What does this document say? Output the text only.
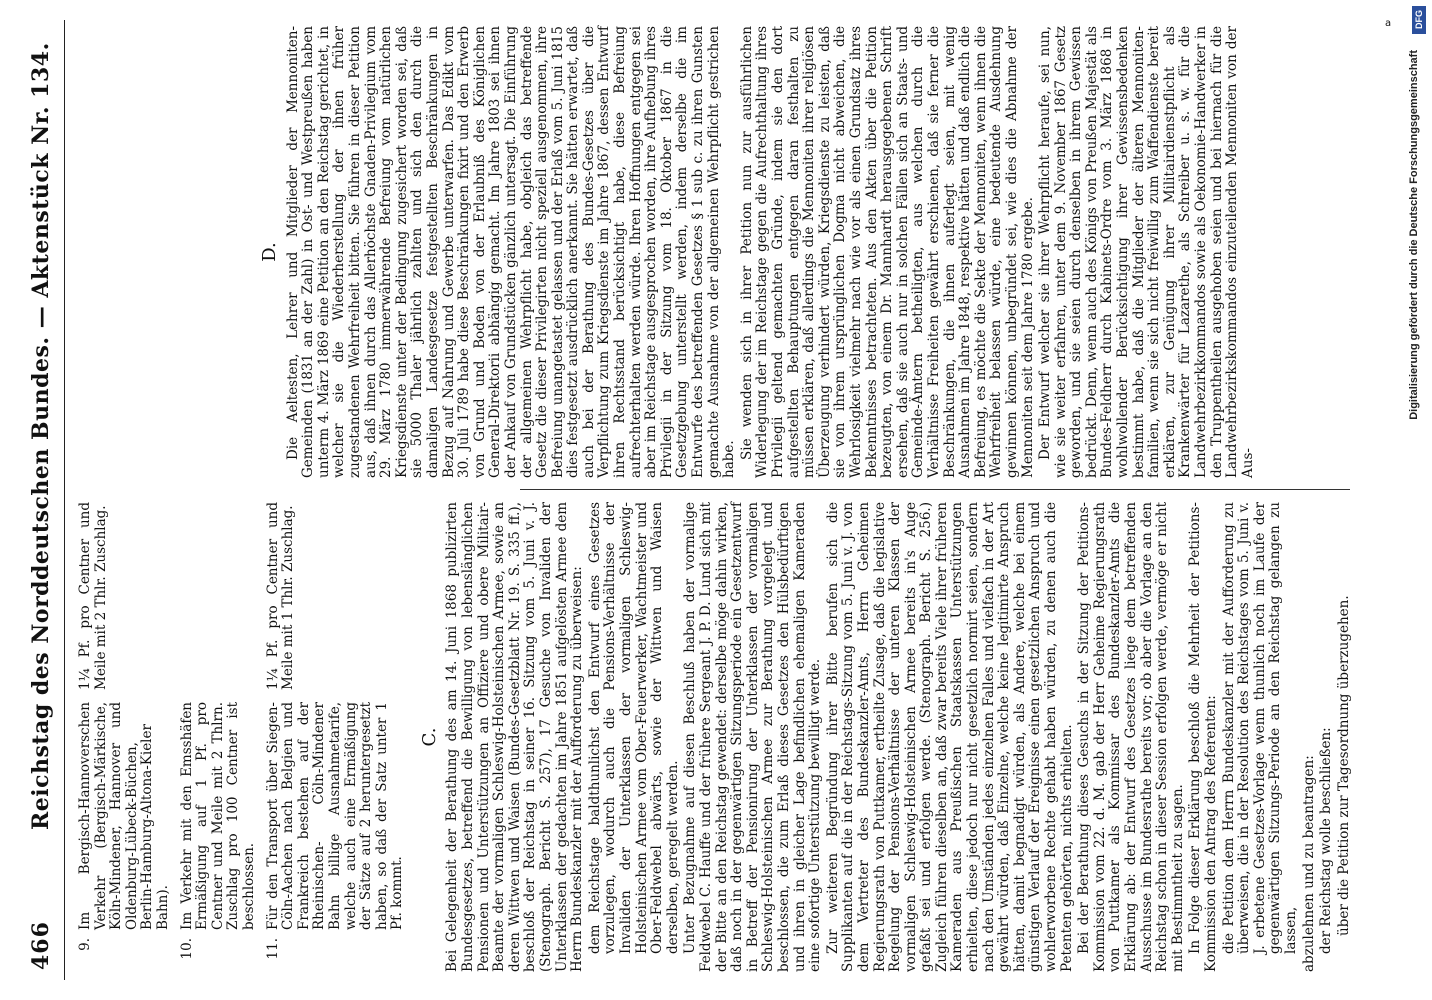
466
Reichstag des Norddeutschen Bundes. — Aktenstück Nr. 134.
9.
Im Bergisch-Hannoverschen Verkehr (Bergisch-Märkische, Köln-Mindener, Hannover und Oldenburg-Lübeck-Büchen, Berlin-Hamburg-Altona-Kieler Bahn).
1¼ Pf. pro Centner und Meile mit 2 Thlr. Zuschlag.
10.
Im Verkehr mit den Emsshäfen Ermäßigung auf 1 Pf. pro Centner und Meile mit 2 Thlrn. Zuschlag pro 100 Centner ist beschlossen.
11.
Für den Transport über Siegen-Cöln-Aachen nach Belgien und Frankreich bestehen auf der Rheinischen- Cöln-Mindener Bahn billige Ausnahmetarife, welche auch eine Ermäßigung der Sätze auf 2 heruntergesetzt haben, so daß der Satz unter 1 Pf. kommt.
1¼ Pf. pro Centner und Meile mit 1 Thlr. Zuschlag.
C. Bei Gelegenheit der Berathung des am 14. Juni 1868 publizirten Bundesgesetzes, betreffend die Bewilligung von lebenslänglichen Pensionen und Unterstützungen an Offiziere und obere Militair-Beamte der vormaligen Schleswig-Holsteinischen Armee, sowie an deren Wittwen und Waisen (Bundes-Gesetzblatt Nr. 19. S. 335 ff.), beschloß der Reichstag in seiner 16. Sitzung vom 5. Juni v. J. (Stenograph. Bericht S. 257), 17 Gesuche von Invaliden der Unterklassen der gedachten im Jahre 1851 aufgelösten Armee dem Herrn Bundeskanzler mit der Aufforderung zu überweisen: dem Reichstage baldthunlichst den Entwurf eines Gesetzes vorzulegen, wodurch auch die Pensions-Verhältnisse der Invaliden der Unterklassen der vormaligen Schleswig-Holsteinischen Armee vom Ober-Feuerwerker, Wachtmeister und Ober-Feldwebel abwärts, sowie der Wittwen und Waisen derselben, geregelt werden. Unter Bezugnahme auf diesen Beschluß haben der vormalige Feldwebel C. Hauffe und der frühere Sergeant J. P. D. Lund sich mit der Bitte an den Reichstag gewendet: derselbe möge dahin wirken, daß noch in der gegenwärtigen Sitzungsperiode ein Gesetzentwurf in Betreff der Pensionirung der Unterklassen der vormaligen Schleswig-Holsteinischen Armee zur Berathung vorgelegt und beschlossen, die zum Erlaß dieses Gesetzes den Hülsbedürftigen und ihren in gleicher Lage befindlichen ehemaligen Kameraden eine sofortige Unterstützung bewilligt werde. Zur weiteren Begründung ihrer Bitte berufen sich die Supplikanten auf die in der Reichstags-Sitzung vom 5. Juni v. J. von dem Vertreter des Bundeskanzler-Amts, Herrn Geheimen Regierungsrath von Puttkamer, ertheilte Zusage, daß die legislative Regelung der Pensions-Verhältnisse der unteren Klassen der vormaligen Schleswig-Holsteinischen Armee bereits in's Auge gefaßt sei und erfolgen werde. (Stenograph. Bericht S. 256.) Zugleich führen dieselben an, daß zwar bereits Viele ihrer früheren Kameraden aus Preußischen Staatskassen Unterstützungen erhielten, diese jedoch nur nicht gesetzlich normirt seien, sondern nach den Umständen jedes einzelnen Falles und vielfach in der Art gewährt würden, daß Einzelne, welche keine legitimirte Anspruch hätten, damit begnadigt würden, als Andere, welche bei einem günstigen Verlauf der Ereignisse einen gesetzlichen Anspruch und wohlerworbene Rechte gehabt haben würden, zu denen auch die Petenten gehörten, nichts erhielten. Bei der Berathung dieses Gesuchs in der Sitzung der Petitions-Kommission vom 22. d. M. gab der Herr Geheime Regierungsrath von Puttkamer als Kommissar des Bundeskanzler-Amts die Erklärung ab: der Entwurf des Gesetzes liege dem betreffenden Ausschusse im Bundesrathe bereits vor; ob aber die Vorlage an den Reichstag schon in dieser Session erfolgen werde, vermöge er nicht mit Bestimmtheit zu sagen. In Folge dieser Erklärung beschloß die Mehrheit der Petitions-Kommission den Antrag des Referenten: die Petition dem Herrn Bundeskanzler mit der Aufforderung zu überweisen, die in der Resolution des Reichstages vom 5. Juni v. J. erbetene Gesetzes-Vorlage wenn thunlich noch im Laufe der gegenwärtigen Sitzungs-Periode an den Reichstag gelangen zu lassen, abzulehnen und zu beantragen: der Reichstag wolle beschließen: über die Petition zur Tagesordnung überzugehen.

D. Die Aeltesten, Lehrer und Mitglieder der Mennoniten-Gemeinden (1831 an der Zahl) in Ost- und Westpreußen haben unterm 4. März 1869 eine Petition an den Reichstag gerichtet, in welcher sie die Wiederherstellung der ihnen früher zugestandenen Wehrfreiheit bitten. Sie führen in dieser Petition aus, daß ihnen durch das Allerhöchste Gnaden-Privilegium vom 29. März 1780 immerwährende Befreiung vom natürlichen Kriegsdienste unter der Bedingung zugesichert worden sei, daß sie 5000 Thaler jährlich zahlten und sich den durch die damaligen Landesgesetze festgestellten Beschränkungen in Bezug auf Nahrung und Gewerbe unterwarfen. Das Edikt vom 30. Juli 1789 habe diese Beschränkungen fixirt und den Erwerb von Grund und Boden von der Erlaubniß des Königlichen General-Direktorii abhängig gemacht. Im Jahre 1803 sei ihnen der Ankauf von Grundstücken gänzlich untersagt. Die Einführung der allgemeinen Wehrpflicht habe, obgleich das betreffende Gesetz die dieser Privilegirten nicht speziell ausgenommen, ihre Befreiung unangetastet gelassen und der Erlaß vom 5. Juni 1815 dies festgesetzt ausdrücklich anerkannt. Sie hätten erwartet, daß auch bei der Berathung des Bundes-Gesetzes über die Verpflichtung zum Kriegsdienste im Jahre 1867, dessen Entwurf ihren Rechtsstand berücksichtigt habe, diese Befreiung aufrechterhalten werden würde. Ihren Hoffnungen entgegen sei aber im Reichstage ausgesprochen worden, ihre Aufhebung ihres Privilegii in der Sitzung vom 18. Oktober 1867 in die Gesetzgebung unterstellt werden, indem derselbe die im Entwurfe des betreffenden Gesetzes § 1 sub c. zu ihren Gunsten gemachte Ausnahme von der allgemeinen Wehrpflicht gestrichen habe. Sie wenden sich in ihrer Petition nun zur ausführlichen Widerlegung der im Reichstage gegen die Aufrechthaltung ihres Privilegii geltend gemachten Gründe, indem sie den dort aufgestellten Behauptungen entgegen daran festhalten zu müssen erklären, daß allerdings die Mennoniten ihrer religiösen Überzeugung verhindert würden, Kriegsdienste zu leisten, daß sie von ihrem ursprünglichen Dogma nicht abweichen, die Wehrlosigkeit vielmehr nach wie vor als einen Grundsatz ihres Bekenntnisses betrachteten. Aus den Akten über die Petition bezeugten, von einem Dr. Mannhardt herausgegebenen Schrift ersehen, daß sie auch nur in solchen Fällen sich an Staats- und Gemeinde-Ämtern betheiligten, aus welchen durch die Verhältnisse Freiheiten gewährt erschienen, daß sie ferner die Beschränkungen, die ihnen auferlegt seien, mit wenig Ausnahmen im Jahre 1848, respektive hätten und daß endlich die Befreiung, es möchte die Sekte der Mennoniten, wenn ihnen die Wehrfreiheit belassen würde, eine bedeutende Ausdehnung gewinnen können, unbegründet sei, wie dies die Abnahme der Mennoniten seit dem Jahre 1780 ergebe. Der Entwurf welcher sie ihrer Wehrpflicht heraufe, sei nun, wie sie weiter erfahren, unter dem 9. November 1867 Gesetz geworden, und sie seien durch denselben in ihrem Gewissen bedrückt. Denn, wenn auch des Königs von Preußen Majestät als Bundes-Feldherr durch Kabinets-Ordre vom 3. März 1868 in wohlwollender Berücksichtigung ihrer Gewissensbedenken bestimmt habe, daß die Mitglieder der älteren Mennoniten-familien, wenn sie sich nicht freiwillig zum Waffendienste bereit erklären, zur Genügung ihrer Militairdienstpflicht als Krankenwärter für Lazarethe, als Schreiber u. s. w. für die Landwehrbezirkkommandos sowie als Oekonomie-Handwerker in den Truppentheilen ausgehoben seien und bei hiernach für die Landwehrbezirkskommandos einzuteilenden Mennoniten von der Aus-

a	DFG
Digitalisierung gefördert durch die Deutsche Forschungsgemeinschaft
